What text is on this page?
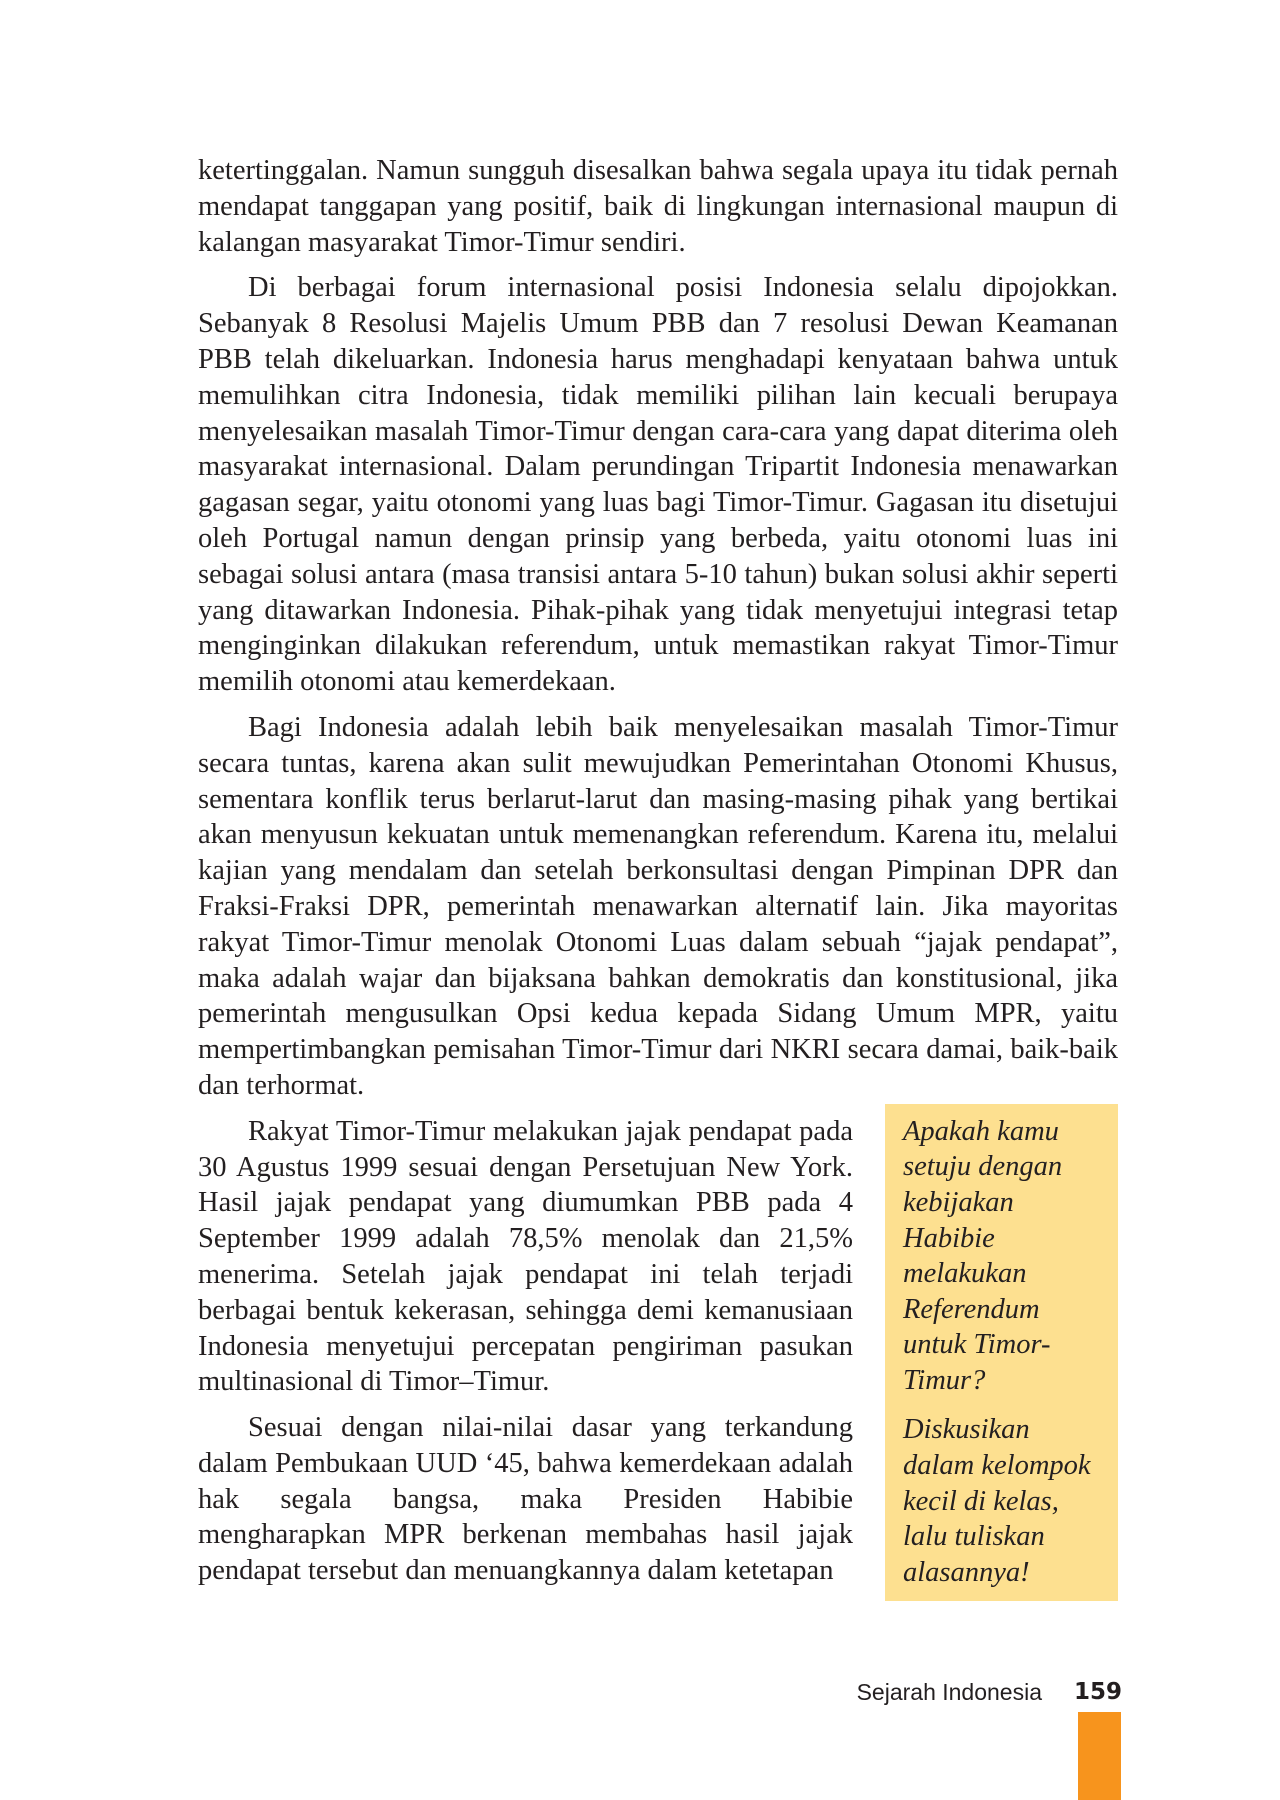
ketertinggalan. Namun sungguh disesalkan bahwa segala upaya itu tidak pernah mendapat tanggapan yang positif, baik di lingkungan internasional maupun di kalangan masyarakat Timor-Timur sendiri.

Di berbagai forum internasional posisi Indonesia selalu dipojokkan. Sebanyak 8 Resolusi Majelis Umum PBB dan 7 resolusi Dewan Keamanan PBB telah dikeluarkan. Indonesia harus menghadapi kenyataan bahwa untuk memulihkan citra Indonesia, tidak memiliki pilihan lain kecuali berupaya menyelesaikan masalah Timor-Timur dengan cara-cara yang dapat diterima oleh masyarakat internasional. Dalam perundingan Tripartit Indonesia menawarkan gagasan segar, yaitu otonomi yang luas bagi Timor-Timur. Gagasan itu disetujui oleh Portugal namun dengan prinsip yang berbeda, yaitu otonomi luas ini sebagai solusi antara (masa transisi antara 5-10 tahun) bukan solusi akhir seperti yang ditawarkan Indonesia. Pihak-pihak yang tidak menyetujui integrasi tetap menginginkan dilakukan referendum, untuk memastikan rakyat Timor-Timur memilih otonomi atau kemerdekaan.

Bagi Indonesia adalah lebih baik menyelesaikan masalah Timor-Timur secara tuntas, karena akan sulit mewujudkan Pemerintahan Otonomi Khusus, sementara konflik terus berlarut-larut dan masing-masing pihak yang bertikai akan menyusun kekuatan untuk memenangkan referendum. Karena itu, melalui kajian yang mendalam dan setelah berkonsultasi dengan Pimpinan DPR dan Fraksi-Fraksi DPR, pemerintah menawarkan alternatif lain. Jika mayoritas rakyat Timor-Timur menolak Otonomi Luas dalam sebuah “jajak pendapat”, maka adalah wajar dan bijaksana bahkan demokratis dan konstitusional, jika pemerintah mengusulkan Opsi kedua kepada Sidang Umum MPR, yaitu mempertimbangkan pemisahan Timor-Timur dari NKRI secara damai, baik-baik dan terhormat.

Rakyat Timor-Timur melakukan jajak pendapat pada 30 Agustus 1999 sesuai dengan Persetujuan New York. Hasil jajak pendapat yang diumumkan PBB pada 4 September 1999 adalah 78,5% menolak dan 21,5% menerima. Setelah jajak pendapat ini telah terjadi berbagai bentuk kekerasan, sehingga demi kemanusiaan Indonesia menyetujui percepatan pengiriman pasukan multinasional di Timor–Timur.

Sesuai dengan nilai-nilai dasar yang terkandung dalam Pembukaan UUD ‘45, bahwa kemerdekaan adalah hak segala bangsa, maka Presiden Habibie mengharapkan MPR berkenan membahas hasil jajak pendapat tersebut dan menuangkannya dalam ketetapan

Apakah kamu setuju dengan kebijakan Habibie melakukan Referendum untuk Timor-Timur?

Diskusikan dalam kelompok kecil di kelas, lalu tuliskan alasannya!

Sejarah Indonesia 159
